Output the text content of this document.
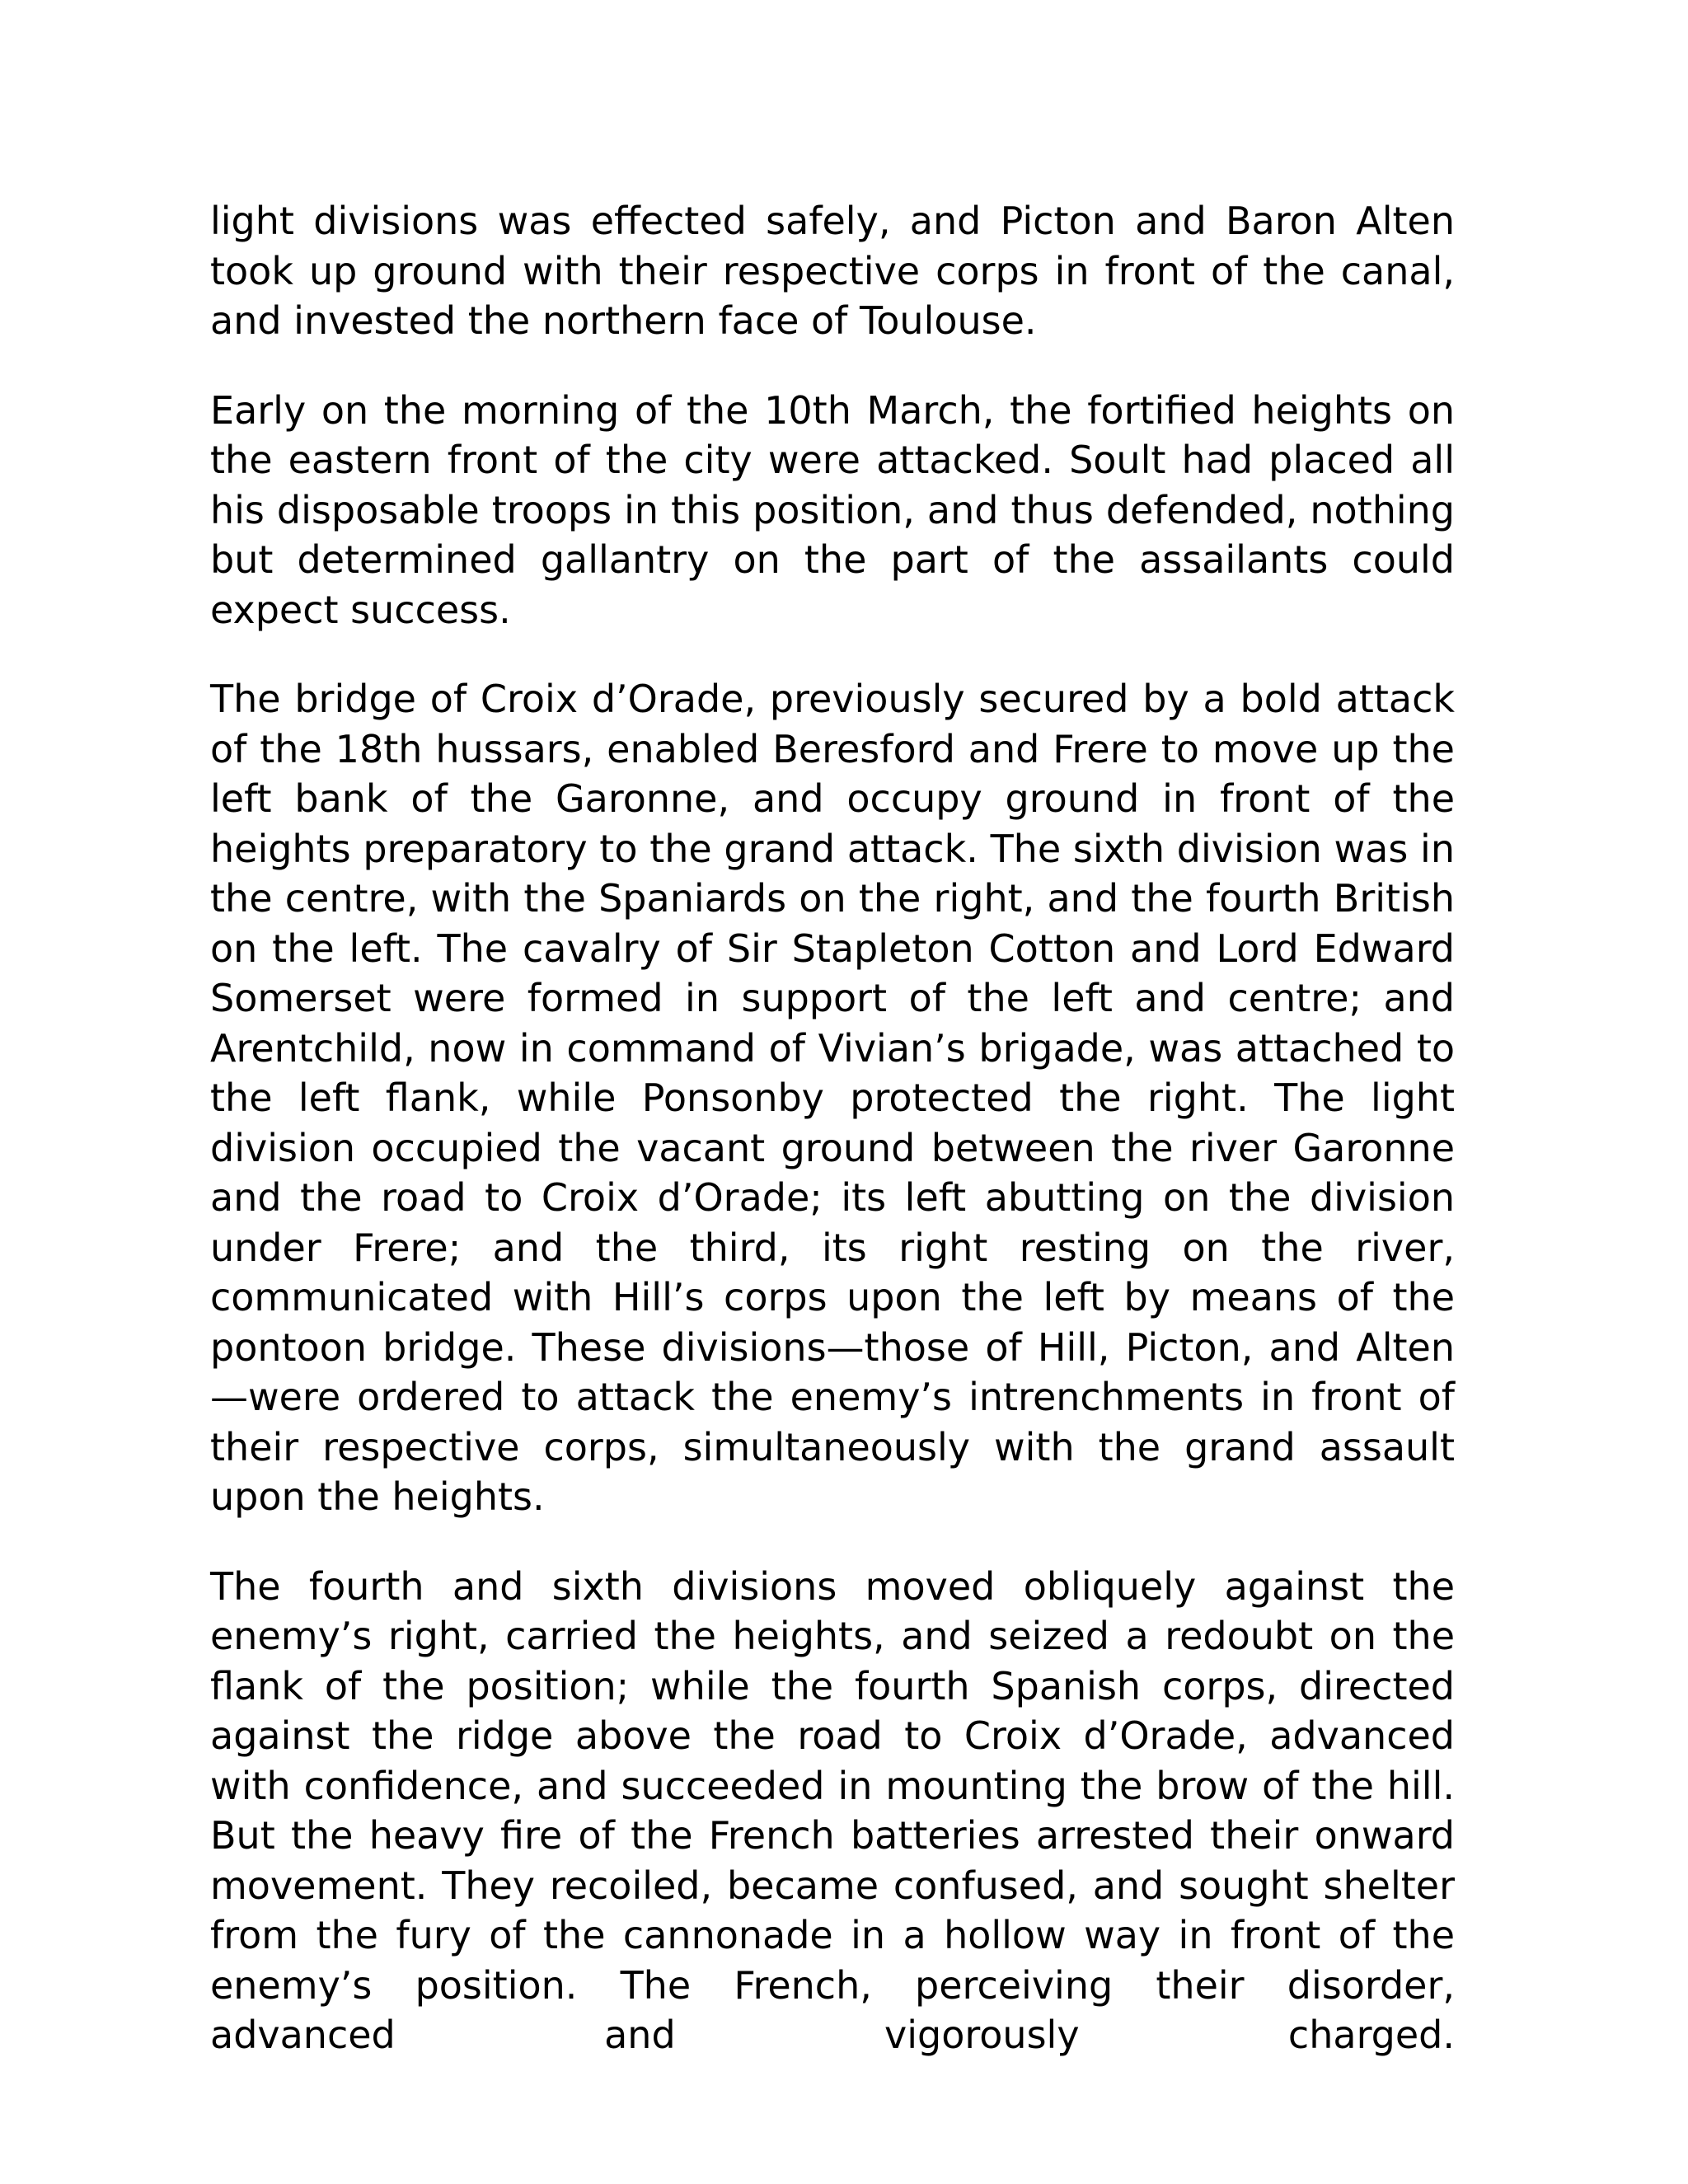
light divisions was effected safely, and Picton and Baron Alten took up ground with their respective corps in front of the canal, and invested the northern face of Toulouse.

Early on the morning of the 10th March, the fortified heights on the eastern front of the city were attacked. Soult had placed all his disposable troops in this position, and thus defended, nothing but determined gallantry on the part of the assailants could expect success.

The bridge of Croix d’Orade, previously secured by a bold attack of the 18th hussars, enabled Beresford and Frere to move up the left bank of the Garonne, and occupy ground in front of the heights preparatory to the grand attack. The sixth division was in the centre, with the Spaniards on the right, and the fourth British on the left. The cavalry of Sir Stapleton Cotton and Lord Edward Somerset were formed in support of the left and centre; and Arentchild, now in command of Vivian’s brigade, was attached to the left flank, while Ponsonby protected the right. The light division occupied the vacant ground between the river Garonne and the road to Croix d’Orade; its left abutting on the division under Frere; and the third, its right resting on the river, communicated with Hill’s corps upon the left by means of the pontoon bridge. These divisions—those of Hill, Picton, and Alten—were ordered to attack the enemy’s intrenchments in front of their respective corps, simultaneously with the grand assault upon the heights.

The fourth and sixth divisions moved obliquely against the enemy’s right, carried the heights, and seized a redoubt on the flank of the position; while the fourth Spanish corps, directed against the ridge above the road to Croix d’Orade, advanced with confidence, and succeeded in mounting the brow of the hill. But the heavy fire of the French batteries arrested their onward movement. They recoiled, became confused, and sought shelter from the fury of the cannonade in a hollow way in front of the enemy’s position. The French, perceiving their disorder, advanced and vigorously charged.
